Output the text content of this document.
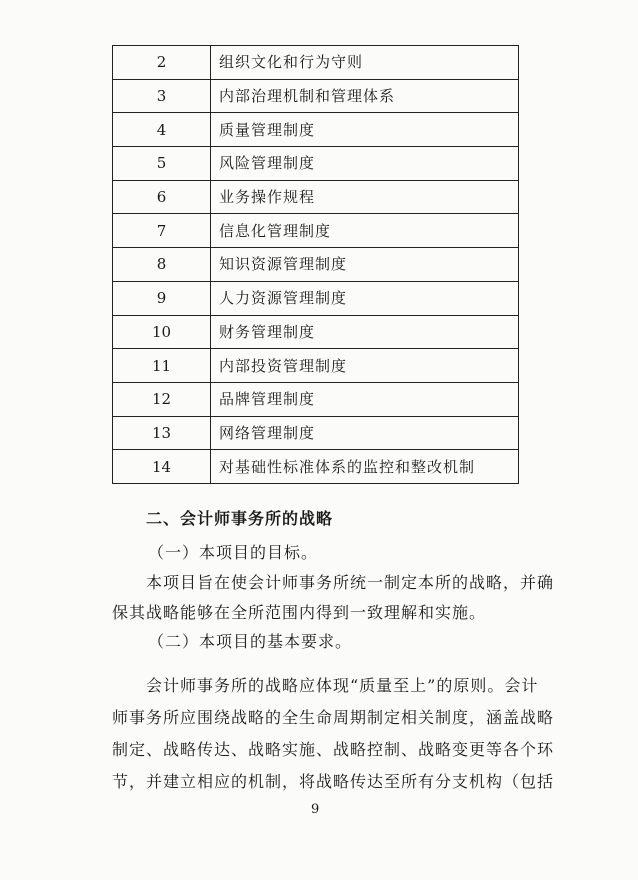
2	组织文化和行为守则
3	内部治理机制和管理体系
4	质量管理制度
5	风险管理制度
6	业务操作规程
7	信息化管理制度
8	知识资源管理制度
9	人力资源管理制度
10	财务管理制度
11	内部投资管理制度
12	品牌管理制度
13	网络管理制度
14	对基础性标准体系的监控和整改机制
二、会计师事务所的战略
（一）本项目的目标。
本项目旨在使会计师事务所统一制定本所的战略，并确
保其战略能够在全所范围内得到一致理解和实施。
（二）本项目的基本要求。
会计师事务所的战略应体现“质量至上”的原则。会计
师事务所应围绕战略的全生命周期制定相关制度，涵盖战略
制定、战略传达、战略实施、战略控制、战略变更等各个环
节，并建立相应的机制，将战略传达至所有分支机构（包括
9
